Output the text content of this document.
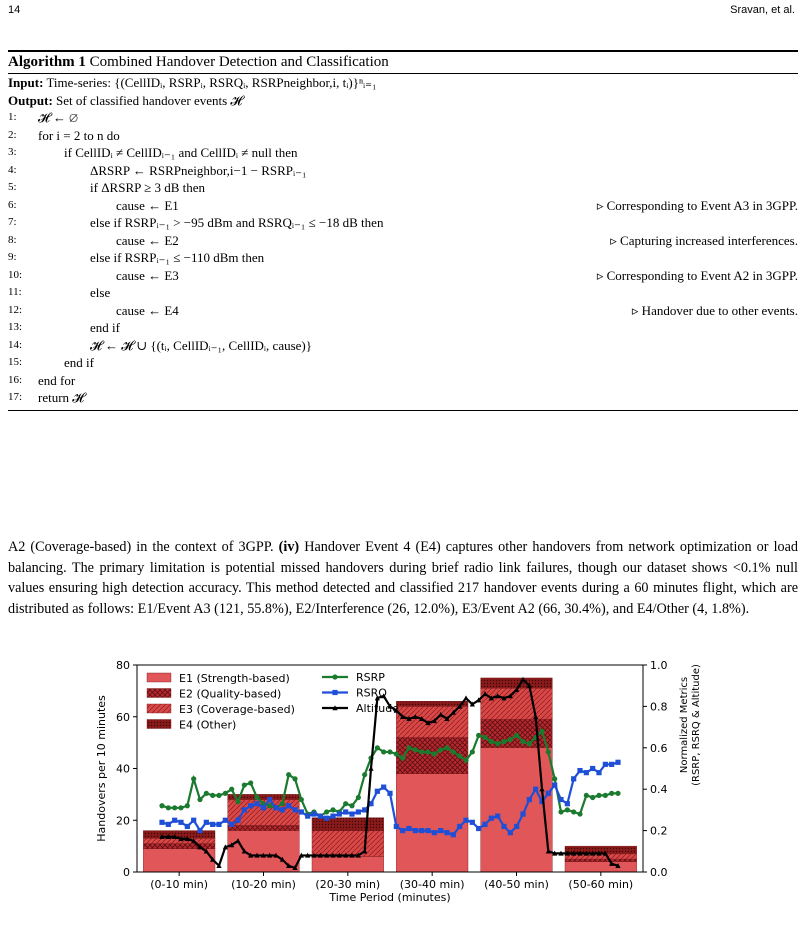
14	Sravan, et al.
Algorithm 1 Combined Handover Detection and Classification
Input: Time-series: {(CellIDᵢ, RSRPᵢ, RSRQᵢ, RSRPneighbor,i, tᵢ)}ⁿᵢ₌₁
Output: Set of classified handover events 𝓗
1:	𝓗 ← ∅
2:	for i = 2 to n do
3:	if CellIDᵢ ≠ CellIDᵢ₋₁ and CellIDᵢ ≠ null then
4:	ΔRSRP ← RSRPneighbor,i−1 − RSRPᵢ₋₁
5:	if ΔRSRP ≥ 3 dB then
6:	cause ← E1	▹ Corresponding to Event A3 in 3GPP.
7:	else if RSRPᵢ₋₁ > −95 dBm and RSRQᵢ₋₁ ≤ −18 dB then
8:	cause ← E2	▹ Capturing increased interferences.
9:	else if RSRPᵢ₋₁ ≤ −110 dBm then
10:	cause ← E3	▹ Corresponding to Event A2 in 3GPP.
11:	else
12:	cause ← E4	▹ Handover due to other events.
13:	end if
14:	𝓗 ← 𝓗 ∪ {(tᵢ, CellIDᵢ₋₁, CellIDᵢ, cause)}
15:	end if
16:	end for
17:	return 𝓗
A2 (Coverage-based) in the context of 3GPP. (iv) Handover Event 4 (E4) captures other handovers from network optimization or load balancing. The primary limitation is potential missed handovers during brief radio link failures, though our dataset shows <0.1% null values ensuring high detection accuracy. This method detected and classified 217 handover events during a 60 minutes flight, which are distributed as follows: E1/Event A3 (121, 55.8%), E2/Interference (26, 12.0%), E3/Event A2 (66, 30.4%), and E4/Other (4, 1.8%).
0
20
40
60
80
0.0
0.2
0.4
0.6
0.8
1.0
(0-10 min) (10-20 min) (20-30 min) (30-40 min) (40-50 min) (50-60 min)
Time Period (minutes)
Handovers per 10 minutes	Normalized Metrics (RSRP, RSRQ & Altitude)
E1 (Strength-based)
E2 (Quality-based)
E3 (Coverage-based)
E4 (Other)
RSRP
RSRQ
Altitude
